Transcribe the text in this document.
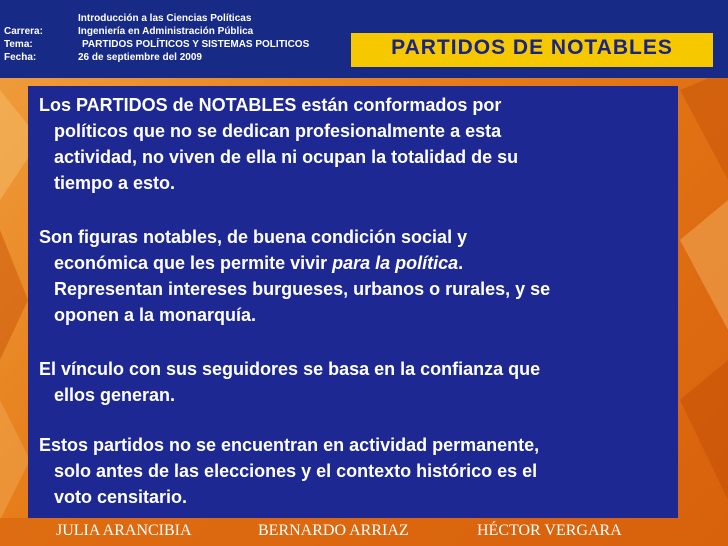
Introducción a las Ciencias Políticas
Carrera:	Ingeniería en Administración Pública
Tema:	PARTIDOS POLÍTICOS Y SISTEMAS POLITICOS
Fecha:	26 de septiembre del 2009	PARTIDOS DE NOTABLES
Los PARTIDOS de NOTABLES están conformados por
políticos que no se dedican profesionalmente a esta
actividad, no viven de ella ni ocupan la totalidad de su
tiempo a esto.
Son figuras notables, de buena condición social y
económica que les permite vivir para la política.
Representan intereses burgueses, urbanos o rurales, y se
oponen a la monarquía.
El vínculo con sus seguidores se basa en la confianza que
ellos generan.
Estos partidos no se encuentran en actividad permanente,
solo antes de las elecciones y el contexto histórico es el
voto censitario.
JULIA ARANCIBIA	BERNARDO ARRIAZ	HÉCTOR VERGARA
